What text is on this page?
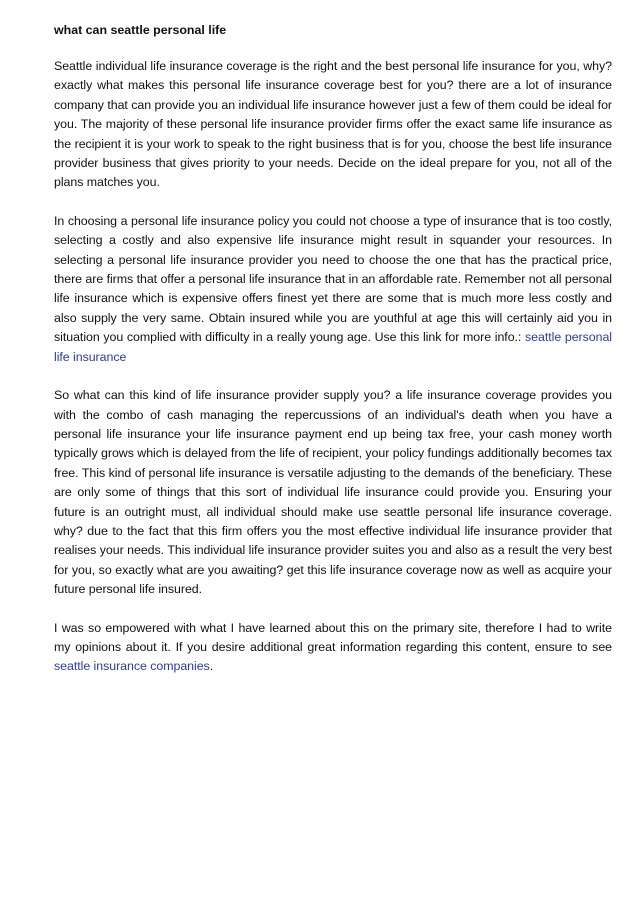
what can seattle personal life

Seattle individual life insurance coverage is the right and the best personal life insurance for you, why? exactly what makes this personal life insurance coverage best for you? there are a lot of insurance company that can provide you an individual life insurance however just a few of them could be ideal for you. The majority of these personal life insurance provider firms offer the exact same life insurance as the recipient it is your work to speak to the right business that is for you, choose the best life insurance provider business that gives priority to your needs. Decide on the ideal prepare for you, not all of the plans matches you.

In choosing a personal life insurance policy you could not choose a type of insurance that is too costly, selecting a costly and also expensive life insurance might result in squander your resources. In selecting a personal life insurance provider you need to choose the one that has the practical price, there are firms that offer a personal life insurance that in an affordable rate. Remember not all personal life insurance which is expensive offers finest yet there are some that is much more less costly and also supply the very same. Obtain insured while you are youthful at age this will certainly aid you in situation you complied with difficulty in a really young age. Use this link for more info.: seattle personal life insurance

So what can this kind of life insurance provider supply you? a life insurance coverage provides you with the combo of cash managing the repercussions of an individual's death when you have a personal life insurance your life insurance payment end up being tax free, your cash money worth typically grows which is delayed from the life of recipient, your policy fundings additionally becomes tax free. This kind of personal life insurance is versatile adjusting to the demands of the beneficiary. These are only some of things that this sort of individual life insurance could provide you. Ensuring your future is an outright must, all individual should make use seattle personal life insurance coverage. why? due to the fact that this firm offers you the most effective individual life insurance provider that realises your needs. This individual life insurance provider suites you and also as a result the very best for you, so exactly what are you awaiting? get this life insurance coverage now as well as acquire your future personal life insured.

I was so empowered with what I have learned about this on the primary site, therefore I had to write my opinions about it. If you desire additional great information regarding this content, ensure to see seattle insurance companies.
